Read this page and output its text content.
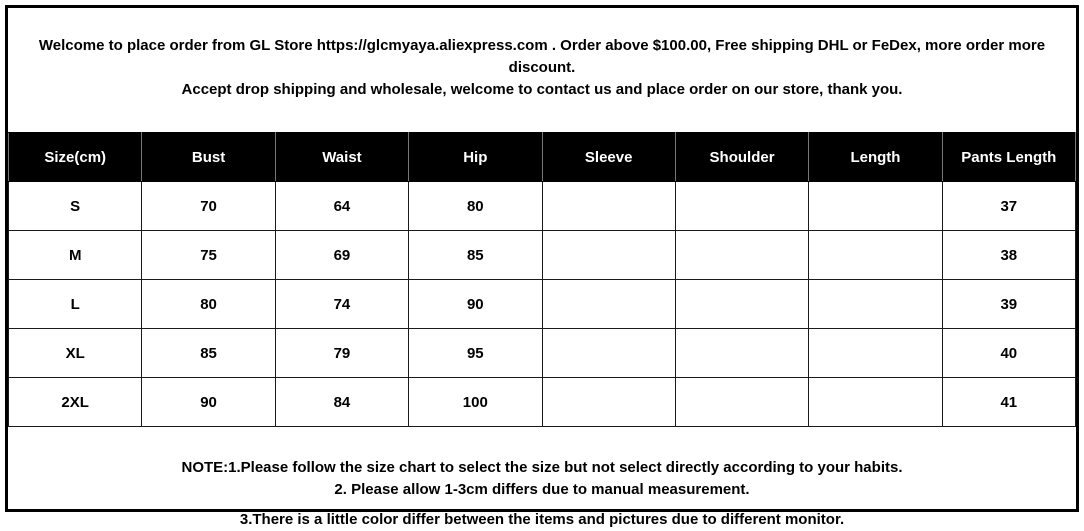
Welcome to place order from GL Store https://glcmyaya.aliexpress.com . Order above $100.00, Free shipping DHL or FeDex, more order more discount.
Accept drop shipping and wholesale, welcome to contact us and place order on our store, thank you.
Size(cm)	Bust	Waist	Hip	Sleeve	Shoulder	Length	Pants Length
S	70	64	80				37
M	75	69	85				38
L	80	74	90				39
XL	85	79	95				40
2XL	90	84	100				41
NOTE:1.Please follow the size chart to select the size but not select directly according to your habits.
2. Please allow 1-3cm differs due to manual measurement.
3.There is a little color differ between the items and pictures due to different monitor.
